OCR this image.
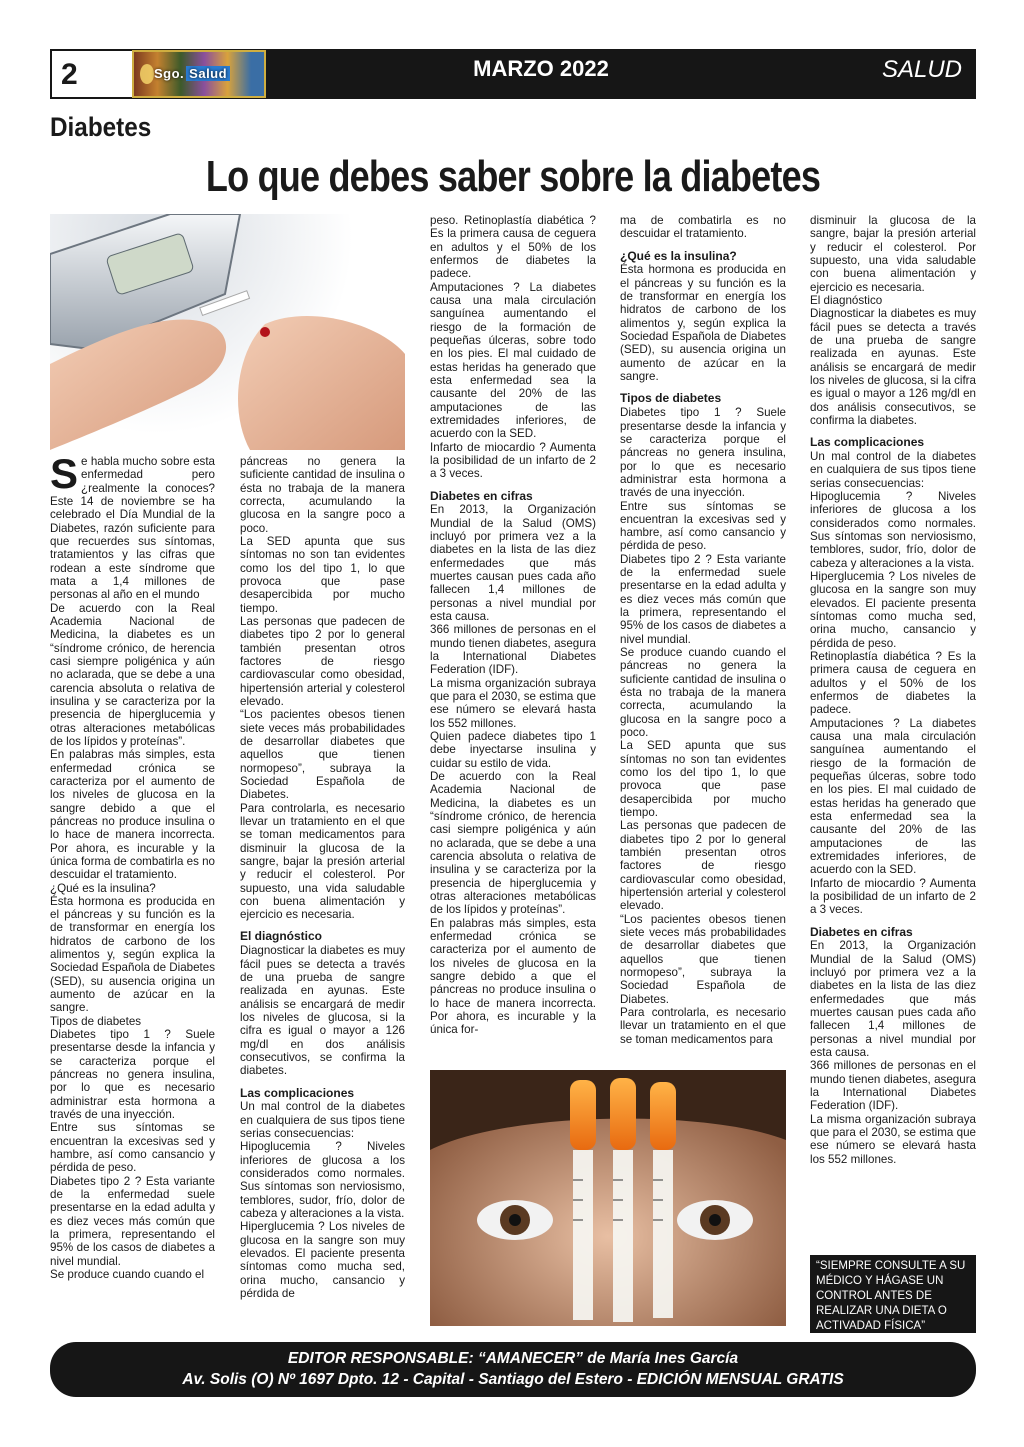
2	Sgo. Salud	MARZO 2022	SALUD
Diabetes
Lo que debes saber sobre la diabetes

Se habla mucho sobre esta enfermedad pero ¿realmente la conoces? Este 14 de noviembre se ha celebrado el Día Mundial de la Diabetes, razón suficiente para que recuerdes sus síntomas, tratamientos y las cifras que rodean a este síndrome que mata a 1,4 millones de personas al año en el mundo

De acuerdo con la Real Academia Nacional de Medicina, la diabetes es un “síndrome crónico, de herencia casi siempre poligénica y aún no aclarada, que se debe a una carencia absoluta o relativa de insulina y se caracteriza por la presencia de hiperglucemia y otras alteraciones metabólicas de los lípidos y proteínas”.

En palabras más simples, esta enfermedad crónica se caracteriza por el aumento de los niveles de glucosa en la sangre debido a que el páncreas no produce insulina o lo hace de manera incorrecta. Por ahora, es incurable y la única forma de combatirla es no descuidar el tratamiento.

¿Qué es la insulina?

Ésta hormona es producida en el páncreas y su función es la de transformar en energía los hidratos de carbono de los alimentos y, según explica la Sociedad Española de Diabetes (SED), su ausencia origina un aumento de azúcar en la sangre.

Tipos de diabetes

Diabetes tipo 1 ? Suele presentarse desde la infancia y se caracteriza porque el páncreas no genera insulina, por lo que es necesario administrar esta hormona a través de una inyección.

Entre sus síntomas se encuentran la excesivas sed y hambre, así como cansancio y pérdida de peso.

Diabetes tipo 2 ? Esta variante de la enfermedad suele presentarse en la edad adulta y es diez veces más común que la primera, representando el 95% de los casos de diabetes a nivel mundial.

Se produce cuando cuando el

páncreas no genera la suficiente cantidad de insulina o ésta no trabaja de la manera correcta, acumulando la glucosa en la sangre poco a poco.

La SED apunta que sus síntomas no son tan evidentes como los del tipo 1, lo que provoca que pase desapercibida por mucho tiempo.

Las personas que padecen de diabetes tipo 2 por lo general también presentan otros factores de riesgo cardiovascular como obesidad, hipertensión arterial y colesterol elevado.

“Los pacientes obesos tienen siete veces más probabilidades de desarrollar diabetes que aquellos que tienen normopeso”, subraya la Sociedad Española de Diabetes.

Para controlarla, es necesario llevar un tratamiento en el que se toman medicamentos para disminuir la glucosa de la sangre, bajar la presión arterial y reducir el colesterol. Por supuesto, una vida saludable con buena alimentación y ejercicio es necesaria.

El diagnóstico

Diagnosticar la diabetes es muy fácil pues se detecta a través de una prueba de sangre realizada en ayunas. Este análisis se encargará de medir los niveles de glucosa, si la cifra es igual o mayor a 126 mg/dl en dos análisis consecutivos, se confirma la diabetes.

Las complicaciones

Un mal control de la diabetes en cualquiera de sus tipos tiene serias consecuencias:

Hipoglucemia ? Niveles inferiores de glucosa a los considerados como normales. Sus síntomas son nerviosismo, temblores, sudor, frío, dolor de cabeza y alteraciones a la vista.

Hiperglucemia ? Los niveles de glucosa en la sangre son muy elevados. El paciente presenta síntomas como mucha sed, orina mucho, cansancio y pérdida de

peso. Retinoplastía diabética ? Es la primera causa de ceguera en adultos y el 50% de los enfermos de diabetes la padece.

Amputaciones ? La diabetes causa una mala circulación sanguínea aumentando el riesgo de la formación de pequeñas úlceras, sobre todo en los pies. El mal cuidado de estas heridas ha generado que esta enfermedad sea la causante del 20% de las amputaciones de las extremidades inferiores, de acuerdo con la SED.

Infarto de miocardio ? Aumenta la posibilidad de un infarto de 2 a 3 veces.

Diabetes en cifras

En 2013, la Organización Mundial de la Salud (OMS) incluyó por primera vez a la diabetes en la lista de las diez enfermedades que más muertes causan pues cada año fallecen 1,4 millones de personas a nivel mundial por esta causa.

366 millones de personas en el mundo tienen diabetes, asegura la International Diabetes Federation (IDF).

La misma organización subraya que para el 2030, se estima que ese número se elevará hasta los 552 millones.

Quien padece diabetes tipo 1 debe inyectarse insulina y cuidar su estilo de vida.

De acuerdo con la Real Academia Nacional de Medicina, la diabetes es un “síndrome crónico, de herencia casi siempre poligénica y aún no aclarada, que se debe a una carencia absoluta o relativa de insulina y se caracteriza por la presencia de hiperglucemia y otras alteraciones metabólicas de los lípidos y proteínas”.

En palabras más simples, esta enfermedad crónica se caracteriza por el aumento de los niveles de glucosa en la sangre debido a que el páncreas no produce insulina o lo hace de manera incorrecta. Por ahora, es incurable y la única for-

ma de combatirla es no descuidar el tratamiento.

¿Qué es la insulina?

Ésta hormona es producida en el páncreas y su función es la de transformar en energía los hidratos de carbono de los alimentos y, según explica la Sociedad Española de Diabetes (SED), su ausencia origina un aumento de azúcar en la sangre.

Tipos de diabetes

Diabetes tipo 1 ? Suele presentarse desde la infancia y se caracteriza porque el páncreas no genera insulina, por lo que es necesario administrar esta hormona a través de una inyección.

Entre sus síntomas se encuentran la excesivas sed y hambre, así como cansancio y pérdida de peso.

Diabetes tipo 2 ? Esta variante de la enfermedad suele presentarse en la edad adulta y es diez veces más común que la primera, representando el 95% de los casos de diabetes a nivel mundial.

Se produce cuando cuando el páncreas no genera la suficiente cantidad de insulina o ésta no trabaja de la manera correcta, acumulando la glucosa en la sangre poco a poco.

La SED apunta que sus síntomas no son tan evidentes como los del tipo 1, lo que provoca que pase desapercibida por mucho tiempo.

Las personas que padecen de diabetes tipo 2 por lo general también presentan otros factores de riesgo cardiovascular como obesidad, hipertensión arterial y colesterol elevado.

“Los pacientes obesos tienen siete veces más probabilidades de desarrollar diabetes que aquellos que tienen normopeso”, subraya la Sociedad Española de Diabetes.

Para controlarla, es necesario llevar un tratamiento en el que se toman medicamentos para

disminuir la glucosa de la sangre, bajar la presión arterial y reducir el colesterol. Por supuesto, una vida saludable con buena alimentación y ejercicio es necesaria.

El diagnóstico

Diagnosticar la diabetes es muy fácil pues se detecta a través de una prueba de sangre realizada en ayunas. Este análisis se encargará de medir los niveles de glucosa, si la cifra es igual o mayor a 126 mg/dl en dos análisis consecutivos, se confirma la diabetes.

Las complicaciones

Un mal control de la diabetes en cualquiera de sus tipos tiene serias consecuencias:

Hipoglucemia ? Niveles inferiores de glucosa a los considerados como normales. Sus síntomas son nerviosismo, temblores, sudor, frío, dolor de cabeza y alteraciones a la vista.

Hiperglucemia ? Los niveles de glucosa en la sangre son muy elevados. El paciente presenta síntomas como mucha sed, orina mucho, cansancio y pérdida de peso.

Retinoplastía diabética ? Es la primera causa de ceguera en adultos y el 50% de los enfermos de diabetes la padece.

Amputaciones ? La diabetes causa una mala circulación sanguínea aumentando el riesgo de la formación de pequeñas úlceras, sobre todo en los pies. El mal cuidado de estas heridas ha generado que esta enfermedad sea la causante del 20% de las amputaciones de las extremidades inferiores, de acuerdo con la SED.

Infarto de miocardio ? Aumenta la posibilidad de un infarto de 2 a 3 veces.

Diabetes en cifras

En 2013, la Organización Mundial de la Salud (OMS) incluyó por primera vez a la diabetes en la lista de las diez enfermedades que más muertes causan pues cada año fallecen 1,4 millones de personas a nivel mundial por esta causa.

366 millones de personas en el mundo tienen diabetes, asegura la International Diabetes Federation (IDF).

La misma organización subraya que para el 2030, se estima que ese número se elevará hasta los 552 millones.

“SIEMPRE CONSULTE A SU MÉDICO Y HÁGASE UN CONTROL ANTES DE REALIZAR UNA DIETA O ACTIVADAD FÍSICA”
EDITOR RESPONSABLE: “AMANECER” de María Ines García
Av. Solis (O) Nº 1697 Dpto. 12 - Capital - Santiago del Estero - EDICIÓN MENSUAL GRATIS
